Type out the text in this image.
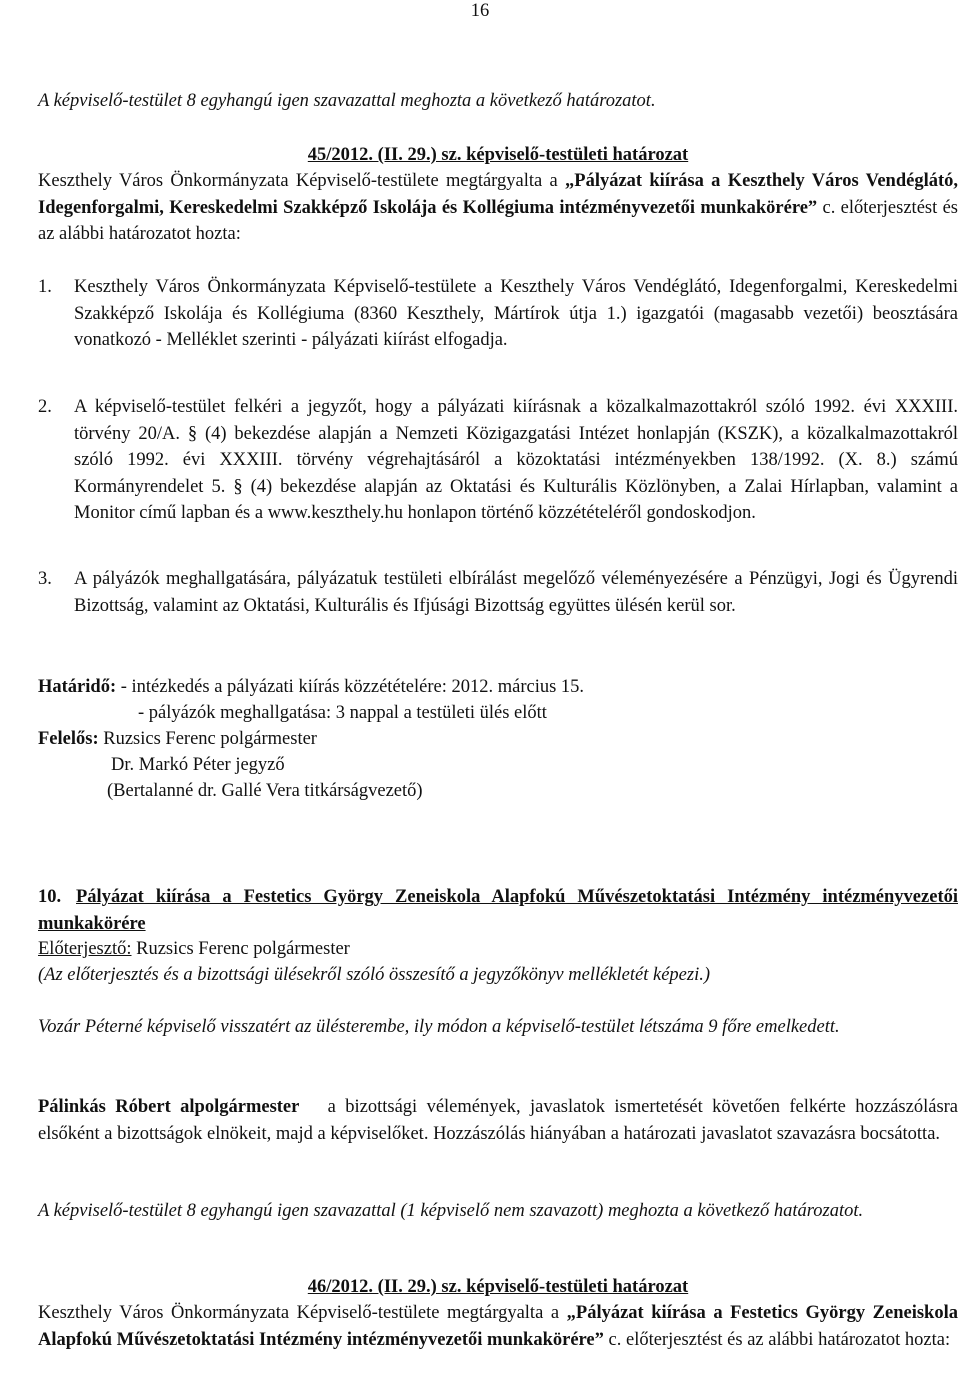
16
A képviselő-testület 8 egyhangú igen szavazattal meghozta a következő határozatot.
45/2012. (II. 29.) sz. képviselő-testületi határozat
Keszthely Város Önkormányzata Képviselő-testülete megtárgyalta a „Pályázat kiírása a Keszthely Város Vendéglátó, Idegenforgalmi, Kereskedelmi Szakképző Iskolája és Kollégiuma intézményvezetői munkakörére” c. előterjesztést és az alábbi határozatot hozta:
1. Keszthely Város Önkormányzata Képviselő-testülete a Keszthely Város Vendéglátó, Idegenforgalmi, Kereskedelmi Szakképző Iskolája és Kollégiuma (8360 Keszthely, Mártírok útja 1.) igazgatói (magasabb vezetői) beosztására vonatkozó - Melléklet szerinti - pályázati kiírást elfogadja.
2. A képviselő-testület felkéri a jegyzőt, hogy a pályázati kiírásnak a közalkalmazottakról szóló 1992. évi XXXIII. törvény 20/A. § (4) bekezdése alapján a Nemzeti Közigazgatási Intézet honlapján (KSZK), a közalkalmazottakról szóló 1992. évi XXXIII. törvény végrehajtásáról a közoktatási intézményekben 138/1992. (X. 8.) számú Kormányrendelet 5. § (4) bekezdése alapján az Oktatási és Kulturális Közlönyben, a Zalai Hírlapban, valamint a Monitor című lapban és a www.keszthely.hu honlapon történő közzétételéről gondoskodjon.
3. A pályázók meghallgatására, pályázatuk testületi elbírálást megelőző véleményezésére a Pénzügyi, Jogi és Ügyrendi Bizottság, valamint az Oktatási, Kulturális és Ifjúsági Bizottság együttes ülésén kerül sor.
Határidő: - intézkedés a pályázati kiírás közzétételére: 2012. március 15.
- pályázók meghallgatása: 3 nappal a testületi ülés előtt
Felelős: Ruzsics Ferenc polgármester
Dr. Markó Péter jegyző
(Bertalanné dr. Gallé Vera titkárságvezető)
10. Pályázat kiírása a Festetics György Zeneiskola Alapfokú Művészetoktatási Intézmény intézményvezetői munkakörére
Előterjesztő: Ruzsics Ferenc polgármester
(Az előterjesztés és a bizottsági ülésekről szóló összesítő a jegyzőkönyv mellékletét képezi.)
Vozár Péterné képviselő visszatért az ülésterembe, ily módon a képviselő-testület létszáma 9 főre emelkedett.
Pálinkás Róbert alpolgármester a bizottsági vélemények, javaslatok ismertetését követően felkérte hozzászólásra elsőként a bizottságok elnökeit, majd a képviselőket. Hozzászólás hiányában a határozati javaslatot szavazásra bocsátotta.
A képviselő-testület 8 egyhangú igen szavazattal (1 képviselő nem szavazott) meghozta a következő határozatot.
46/2012. (II. 29.) sz. képviselő-testületi határozat
Keszthely Város Önkormányzata Képviselő-testülete megtárgyalta a „Pályázat kiírása a Festetics György Zeneiskola Alapfokú Művészetoktatási Intézmény intézményvezetői munkakörére” c. előterjesztést és az alábbi határozatot hozta:
